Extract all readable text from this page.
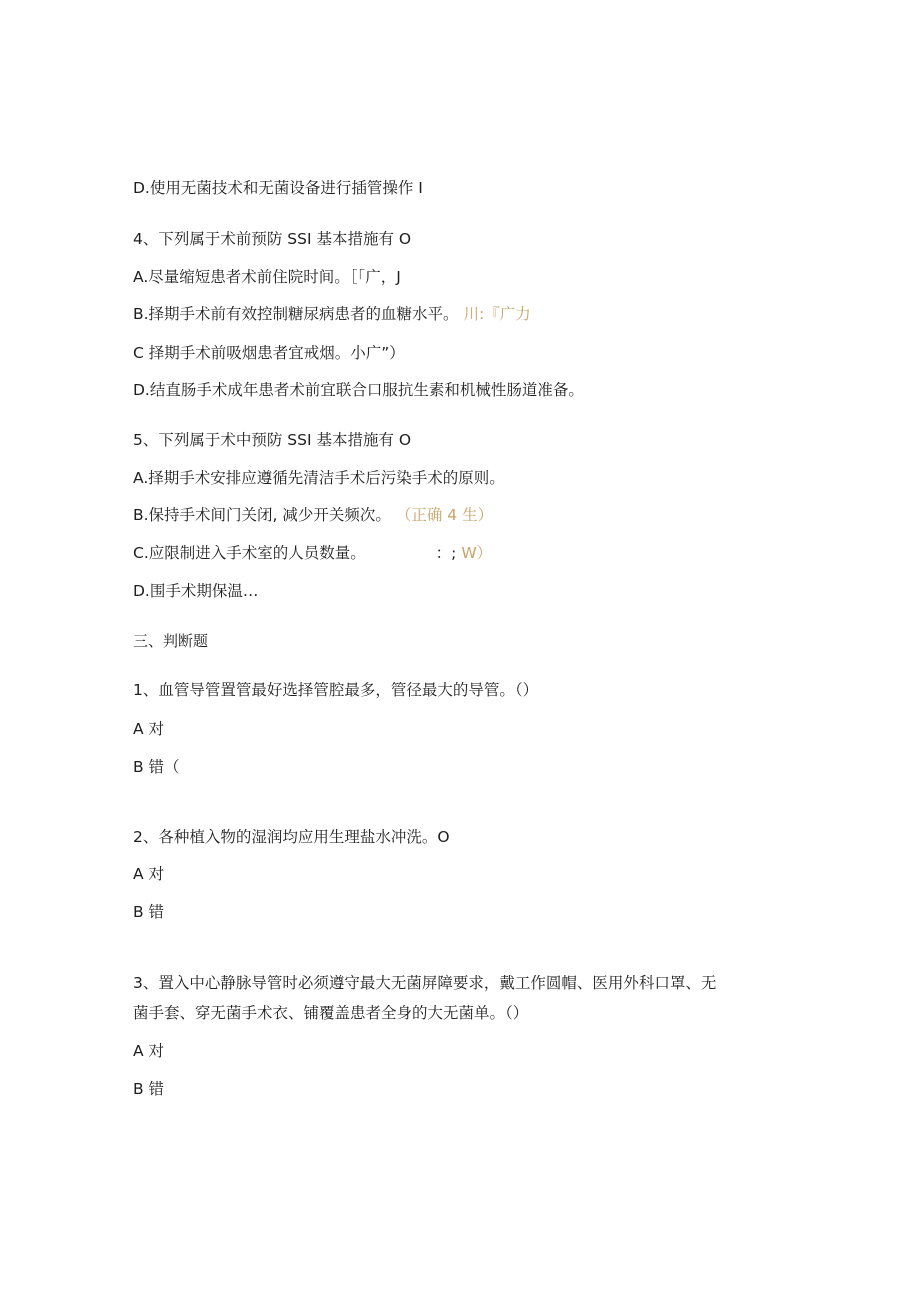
D.使用无菌技术和无菌设备进行插管操作 I
4、下列属于术前预防 SSI 基本措施有 O
A.尽量缩短患者术前住院时间。［「广，J
B.择期手术前有效控制糖尿病患者的血糖水平。 川:『广力
C 择期手术前吸烟患者宜戒烟。小广”）
D.结直肠手术成年患者术前宜联合口服抗生素和机械性肠道准备。
5、下列属于术中预防 SSI 基本措施有 O
A.择期手术安排应遵循先清洁手术后污染手术的原则。
B.保持手术间门关闭, 减少开关频次。 （正确 4 生）
C.应限制进入手术室的人员数量。	：; W）
D.围手术期保温…
三、判断题
1、血管导管置管最好选择管腔最多，管径最大的导管。（）
A 对
B 错（
2、各种植入物的湿润均应用生理盐水冲洗。O
A 对
B 错
3、置入中心静脉导管时必须遵守最大无菌屏障要求，戴工作圆帽、医用外科口罩、无
菌手套、穿无菌手术衣、铺覆盖患者全身的大无菌单。（）
A 对
B 错
